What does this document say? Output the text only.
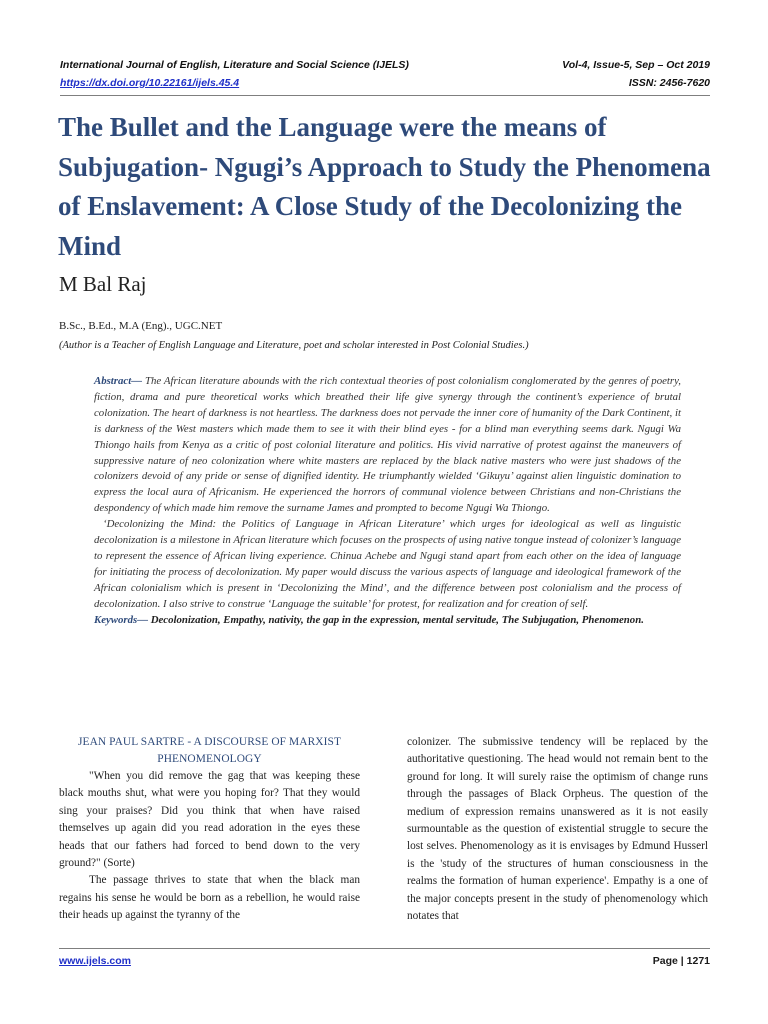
International Journal of English, Literature and Social Science (IJELS)	Vol-4, Issue-5, Sep – Oct 2019
https://dx.doi.org/10.22161/ijels.45.4	ISSN: 2456-7620
The Bullet and the Language were the means of Subjugation- Ngugi’s Approach to Study the Phenomena of Enslavement: A Close Study of the Decolonizing the Mind
M Bal Raj
B.Sc., B.Ed., M.A (Eng)., UGC.NET
(Author is a Teacher of English Language and Literature, poet and scholar interested in Post Colonial Studies.)

Abstract— The African literature abounds with the rich contextual theories of post colonialism conglomerated by the genres of poetry, fiction, drama and pure theoretical works which breathed their life give synergy through the continent’s experience of brutal colonization. The heart of darkness is not heartless. The darkness does not pervade the inner core of humanity of the Dark Continent, it is darkness of the West masters which made them to see it with their blind eyes - for a blind man everything seems dark. Ngugi Wa Thiongo hails from Kenya as a critic of post colonial literature and politics. His vivid narrative of protest against the maneuvers of suppressive nature of neo colonization where white masters are replaced by the black native masters who were just shadows of the colonizers devoid of any pride or sense of dignified identity. He triumphantly wielded ‘Gikuyu’ against alien linguistic domination to express the local aura of Africanism. He experienced the horrors of communal violence between Christians and non-Christians the despondency of which made him remove the surname James and prompted to become Ngugi Wa Thiongo.

‘Decolonizing the Mind: the Politics of Language in African Literature’ which urges for ideological as well as linguistic decolonization is a milestone in African literature which focuses on the prospects of using native tongue instead of colonizer’s language to represent the essence of African living experience. Chinua Achebe and Ngugi stand apart from each other on the idea of language for initiating the process of decolonization. My paper would discuss the various aspects of language and ideological framework of the African colonialism which is present in ‘Decolonizing the Mind’, and the difference between post colonialism and the process of decolonization. I also strive to construe ‘Language the suitable’ for protest, for realization and for creation of self.

Keywords— Decolonization, Empathy, nativity, the gap in the expression, mental servitude, The Subjugation, Phenomenon.

JEAN PAUL SARTRE - A DISCOURSE OF MARXIST PHENOMENOLOGY

"When you did remove the gag that was keeping these black mouths shut, what were you hoping for? That they would sing your praises? Did you think that when have raised themselves up again did you read adoration in the eyes these heads that our fathers had forced to bend down to the very ground?" (Sorte)

The passage thrives to state that when the black man regains his sense he would be born as a rebellion, he would raise their heads up against the tyranny of the

colonizer. The submissive tendency will be replaced by the authoritative questioning. The head would not remain bent to the ground for long. It will surely raise the optimism of change runs through the passages of Black Orpheus. The question of the medium of expression remains unanswered as it is not easily surmountable as the question of existential struggle to secure the lost selves. Phenomenology as it is envisages by Edmund Husserl is the 'study of the structures of human consciousness in the realms the formation of human experience'. Empathy is a one of the major concepts present in the study of phenomenology which notates that

www.ijels.com	Page | 1271
